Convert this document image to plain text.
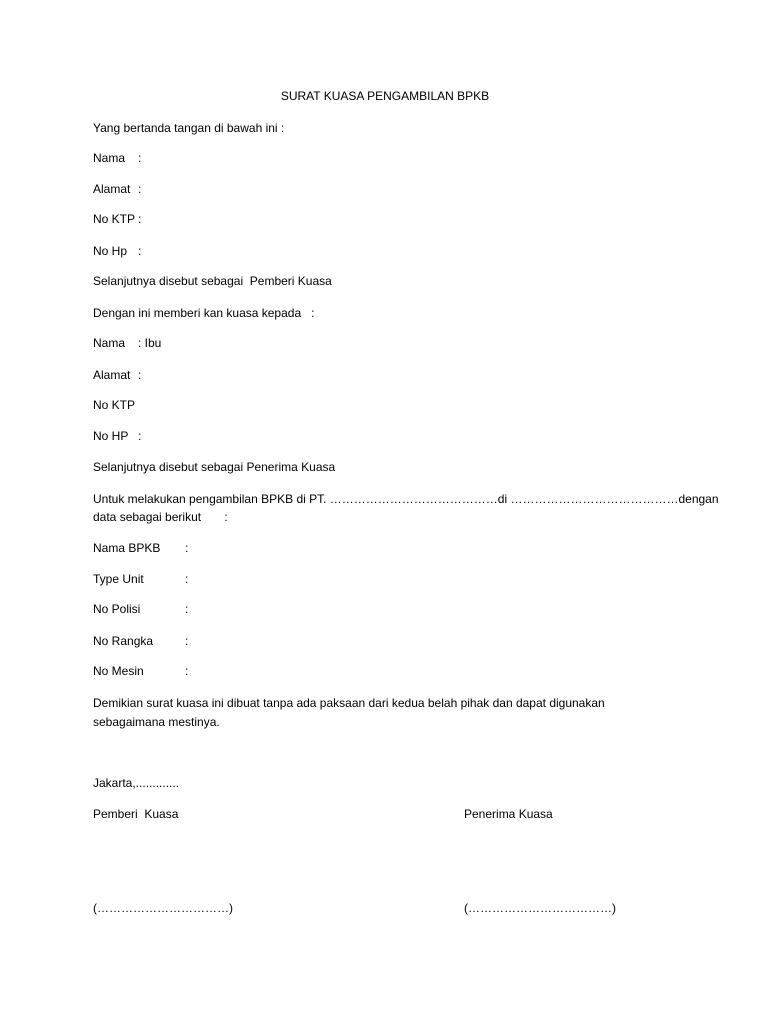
SURAT KUASA PENGAMBILAN BPKB
Yang bertanda tangan di bawah ini :
Nama :
Alamat :
No KTP :
No Hp :
Selanjutnya disebut sebagai  Pemberi Kuasa
Dengan ini memberi kan kuasa kepada   :
Nama : Ibu
Alamat :
No KTP
No HP :
Selanjutnya disebut sebagai Penerima Kuasa
Untuk melakukan pengambilan BPKB di PT. ……………………………………di ……………………………………dengan
data sebagai berikut       :
Nama BPKB :
Type Unit	:
No Polisi	:
No Rangka	:
No Mesin	:
Demikian surat kuasa ini dibuat tanpa ada paksaan dari kedua belah pihak dan dapat digunakan
sebagaimana mestinya.
Jakarta,.............
Pemberi  Kuasa	Penerima Kuasa
(……………………………)	(………………………………)
